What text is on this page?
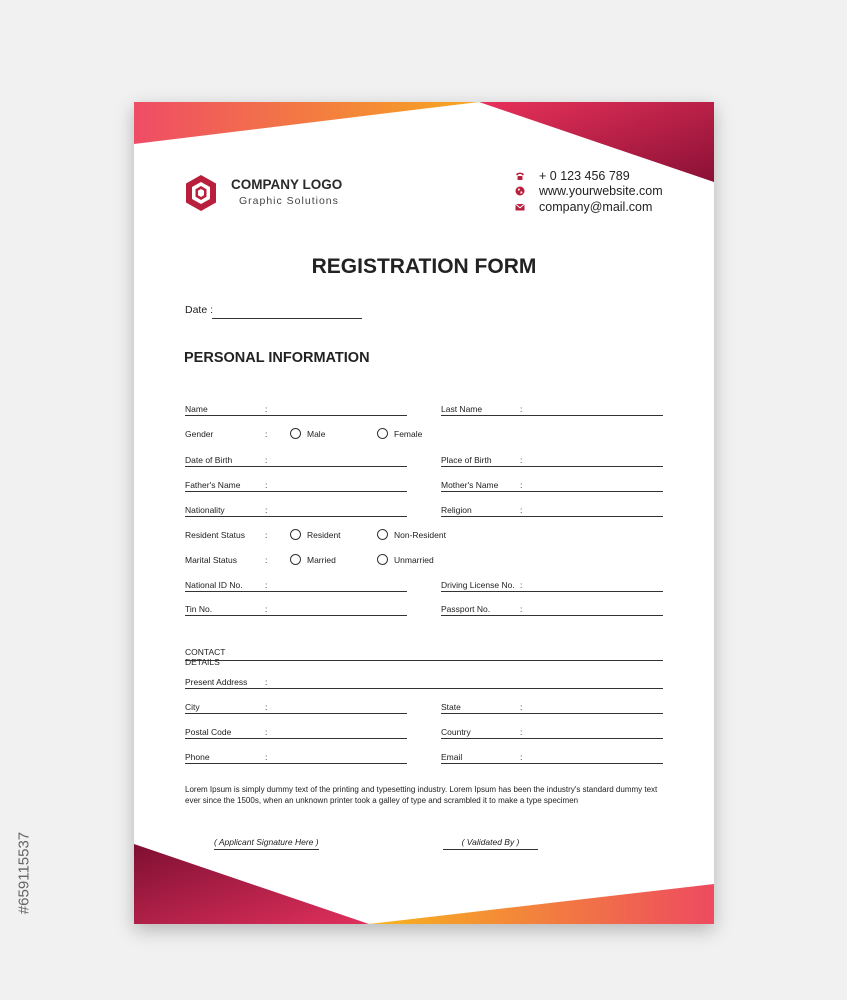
#659115537
COMPANY LOGO
Graphic Solutions
+ 0 123 456 789
www.yourwebsite.com
company@mail.com
REGISTRATION FORM
Date :
PERSONAL INFORMATION
Name	:	Last Name	:
Gender	:	Male	Female
Date of Birth	:	Place of Birth	:
Father's Name	:	Mother's Name	:
Nationality	:	Religion	:
Resident Status :	Resident	Non-Resident
Marital Status	:	Married	Unmarried
National ID No.	:	Driving License No. :
Tin No.	:	Passport No.	:
CONTACT DETAILS
Present Address :
City	:	State	:
Postal Code	:	Country	:
Phone	:	Email	:
Lorem Ipsum is simply dummy text of the printing and typesetting industry. Lorem Ipsum has been the industry's standard dummy text ever since the 1500s, when an unknown printer took a galley of type and scrambled it to make a type specimen
( Applicant Signature Here )	( Validated By )
